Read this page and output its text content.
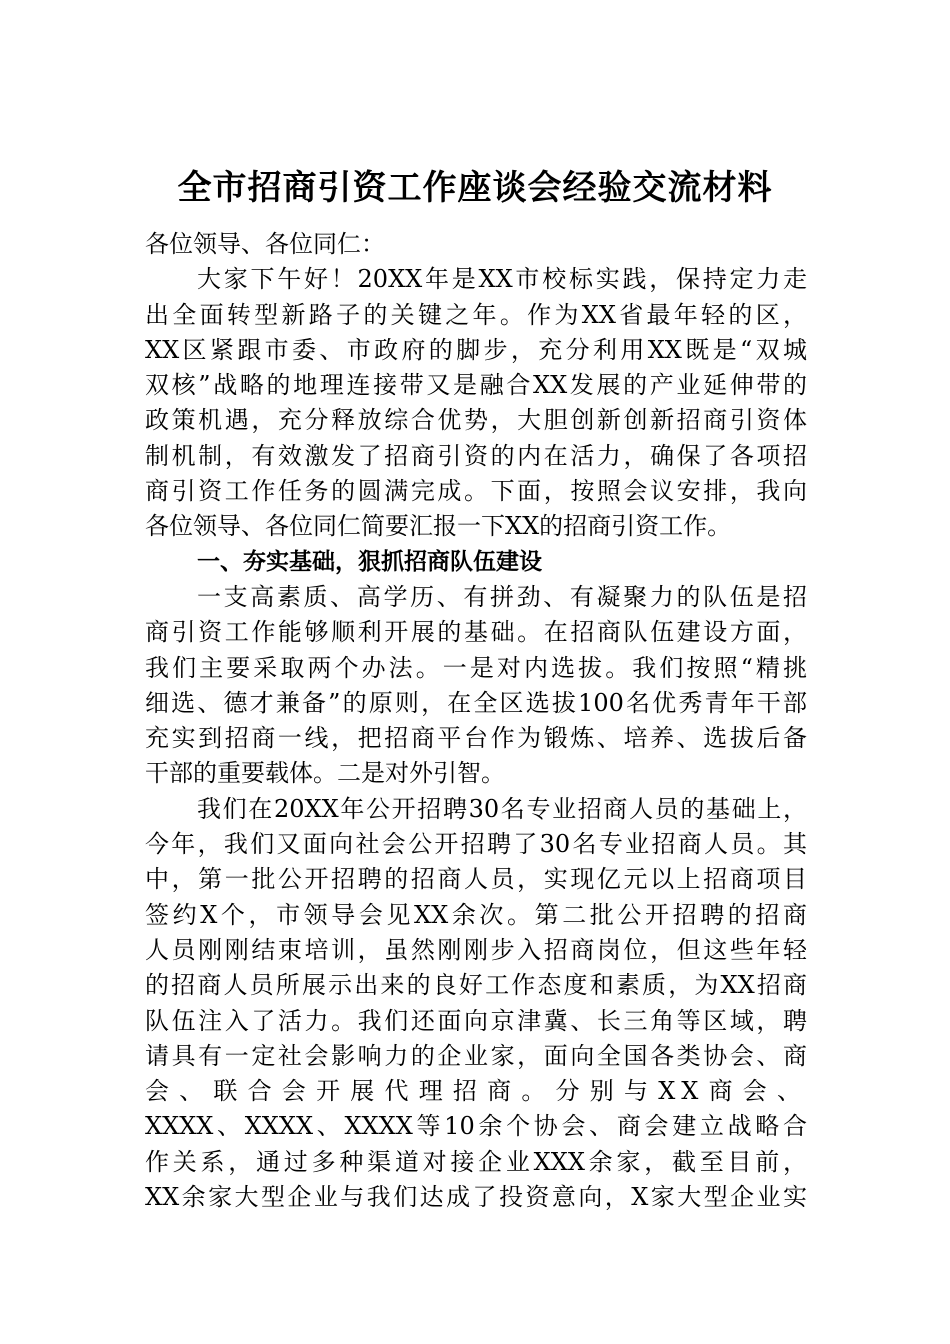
全市招商引资工作座谈会经验交流材料
各位领导、各位同仁：
大家下午好！20XX年是XX市校标实践，保持定力走
出全面转型新路子的关键之年。作为XX省最年轻的区，
XX区紧跟市委、市政府的脚步，充分利用XX既是“双城
双核”战略的地理连接带又是融合XX发展的产业延伸带的
政策机遇，充分释放综合优势，大胆创新创新招商引资体
制机制，有效激发了招商引资的内在活力，确保了各项招
商引资工作任务的圆满完成。下面，按照会议安排，我向
各位领导、各位同仁简要汇报一下XX的招商引资工作。
一、夯实基础，狠抓招商队伍建设
一支高素质、高学历、有拼劲、有凝聚力的队伍是招
商引资工作能够顺利开展的基础。在招商队伍建设方面，
我们主要采取两个办法。一是对内选拔。我们按照“精挑
细选、德才兼备”的原则，在全区选拔100名优秀青年干部
充实到招商一线，把招商平台作为锻炼、培养、选拔后备
干部的重要载体。二是对外引智。
我们在20XX年公开招聘30名专业招商人员的基础上，
今年，我们又面向社会公开招聘了30名专业招商人员。其
中，第一批公开招聘的招商人员，实现亿元以上招商项目
签约X个，市领导会见XX余次。第二批公开招聘的招商
人员刚刚结束培训，虽然刚刚步入招商岗位，但这些年轻
的招商人员所展示出来的良好工作态度和素质，为XX招商
队伍注入了活力。我们还面向京津冀、长三角等区域，聘
请具有一定社会影响力的企业家，面向全国各类协会、商
会、联合会开展代理招商。分别与XX商会、
XXXX、XXXX、XXXX等10余个协会、商会建立战略合
作关系，通过多种渠道对接企业XXX余家，截至目前，
XX余家大型企业与我们达成了投资意向，X家大型企业实
